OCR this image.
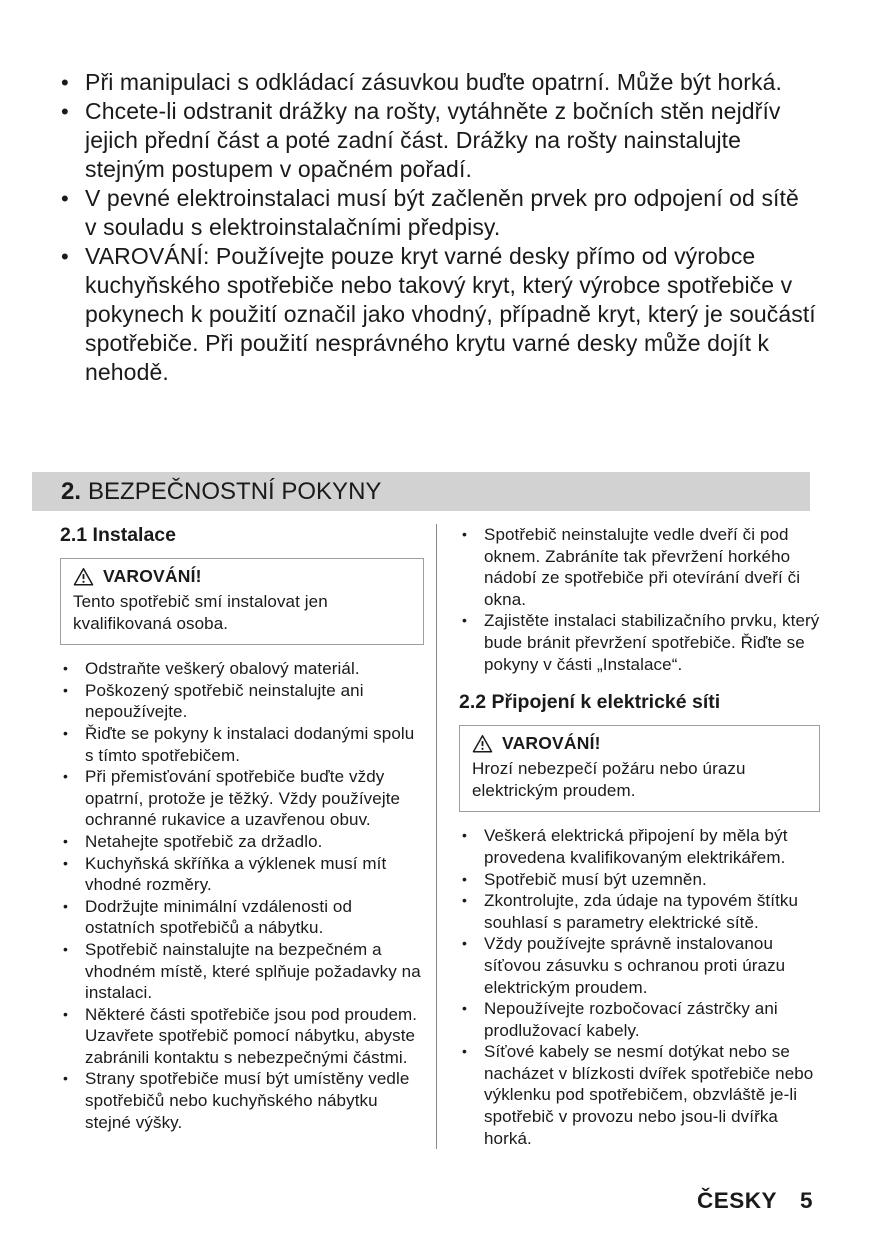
• Při manipulaci s odkládací zásuvkou buďte opatrní. Může být horká.
• Chcete-li odstranit drážky na rošty, vytáhněte z bočních stěn nejdřív jejich přední část a poté zadní část. Drážky na rošty nainstalujte stejným postupem v opačném pořadí.
• V pevné elektroinstalaci musí být začleněn prvek pro odpojení od sítě v souladu s elektroinstalačními předpisy.
• VAROVÁNÍ: Používejte pouze kryt varné desky přímo od výrobce kuchyňského spotřebiče nebo takový kryt, který výrobce spotřebiče v pokynech k použití označil jako vhodný, případně kryt, který je součástí spotřebiče. Při použití nesprávného krytu varné desky může dojít k nehodě.
2. BEZPEČNOSTNÍ POKYNY
2.1 Instalace
VAROVÁNÍ!
Tento spotřebič smí instalovat jen kvalifikovaná osoba.
• Odstraňte veškerý obalový materiál.
• Poškozený spotřebič neinstalujte ani nepoužívejte.
• Řiďte se pokyny k instalaci dodanými spolu s tímto spotřebičem.
• Při přemisťování spotřebiče buďte vždy opatrní, protože je těžký. Vždy používejte ochranné rukavice a uzavřenou obuv.
• Netahejte spotřebič za držadlo.
• Kuchyňská skříňka a výklenek musí mít vhodné rozměry.
• Dodržujte minimální vzdálenosti od ostatních spotřebičů a nábytku.
• Spotřebič nainstalujte na bezpečném a vhodném místě, které splňuje požadavky na instalaci.
• Některé části spotřebiče jsou pod proudem. Uzavřete spotřebič pomocí nábytku, abyste zabránili kontaktu s nebezpečnými částmi.
• Strany spotřebiče musí být umístěny vedle spotřebičů nebo kuchyňského nábytku stejné výšky.
• Spotřebič neinstalujte vedle dveří či pod oknem. Zabráníte tak převržení horkého nádobí ze spotřebiče při otevírání dveří či okna.
• Zajistěte instalaci stabilizačního prvku, který bude bránit převržení spotřebiče. Řiďte se pokyny v části „Instalace“.
2.2 Připojení k elektrické síti
VAROVÁNÍ!
Hrozí nebezpečí požáru nebo úrazu elektrickým proudem.
• Veškerá elektrická připojení by měla být provedena kvalifikovaným elektrikářem.
• Spotřebič musí být uzemněn.
• Zkontrolujte, zda údaje na typovém štítku souhlasí s parametry elektrické sítě.
• Vždy používejte správně instalovanou síťovou zásuvku s ochranou proti úrazu elektrickým proudem.
• Nepoužívejte rozbočovací zástrčky ani prodlužovací kabely.
• Síťové kabely se nesmí dotýkat nebo se nacházet v blízkosti dvířek spotřebiče nebo výklenku pod spotřebičem, obzvláště je-li spotřebič v provozu nebo jsou-li dvířka horká.
ČESKY 5
